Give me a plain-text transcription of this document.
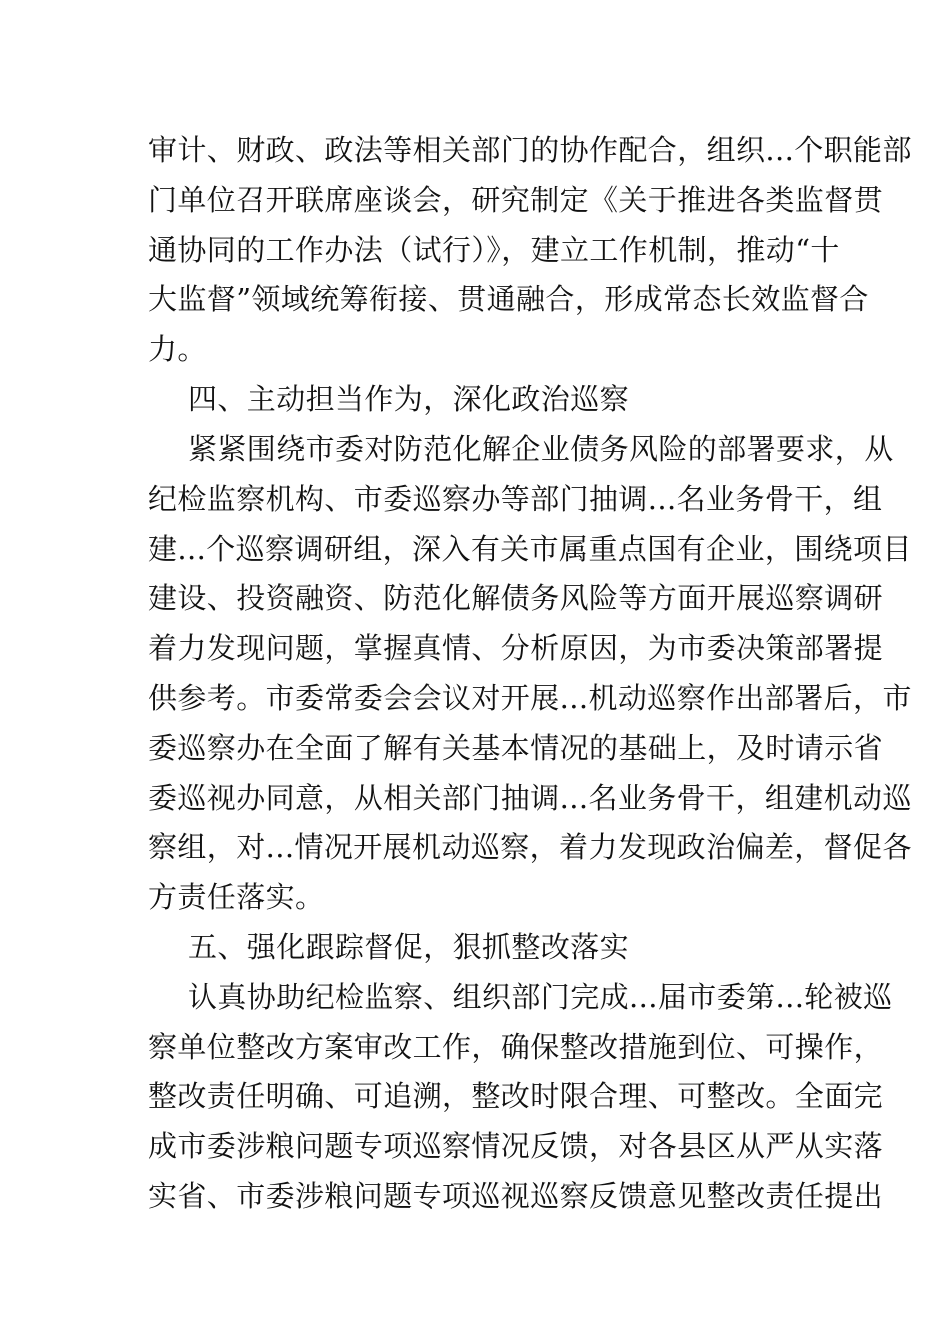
审计、财政、政法等相关部门的协作配合，组织...个职能部
门单位召开联席座谈会，研究制定《关于推进各类监督贯
通协同的工作办法（试行）》，建立工作机制，推动“十
大监督”领域统筹衔接、贯通融合，形成常态长效监督合
力。
四、主动担当作为，深化政治巡察
紧紧围绕市委对防范化解企业债务风险的部署要求，从
纪检监察机构、市委巡察办等部门抽调...名业务骨干，组
建...个巡察调研组，深入有关市属重点国有企业，围绕项目
建设、投资融资、防范化解债务风险等方面开展巡察调研
着力发现问题，掌握真情、分析原因，为市委决策部署提
供参考。市委常委会会议对开展...机动巡察作出部署后，市
委巡察办在全面了解有关基本情况的基础上，及时请示省
委巡视办同意，从相关部门抽调...名业务骨干，组建机动巡
察组，对...情况开展机动巡察，着力发现政治偏差，督促各
方责任落实。
五、强化跟踪督促，狠抓整改落实
认真协助纪检监察、组织部门完成...届市委第...轮被巡
察单位整改方案审改工作，确保整改措施到位、可操作，
整改责任明确、可追溯，整改时限合理、可整改。全面完
成市委涉粮问题专项巡察情况反馈，对各县区从严从实落
实省、市委涉粮问题专项巡视巡察反馈意见整改责任提出
